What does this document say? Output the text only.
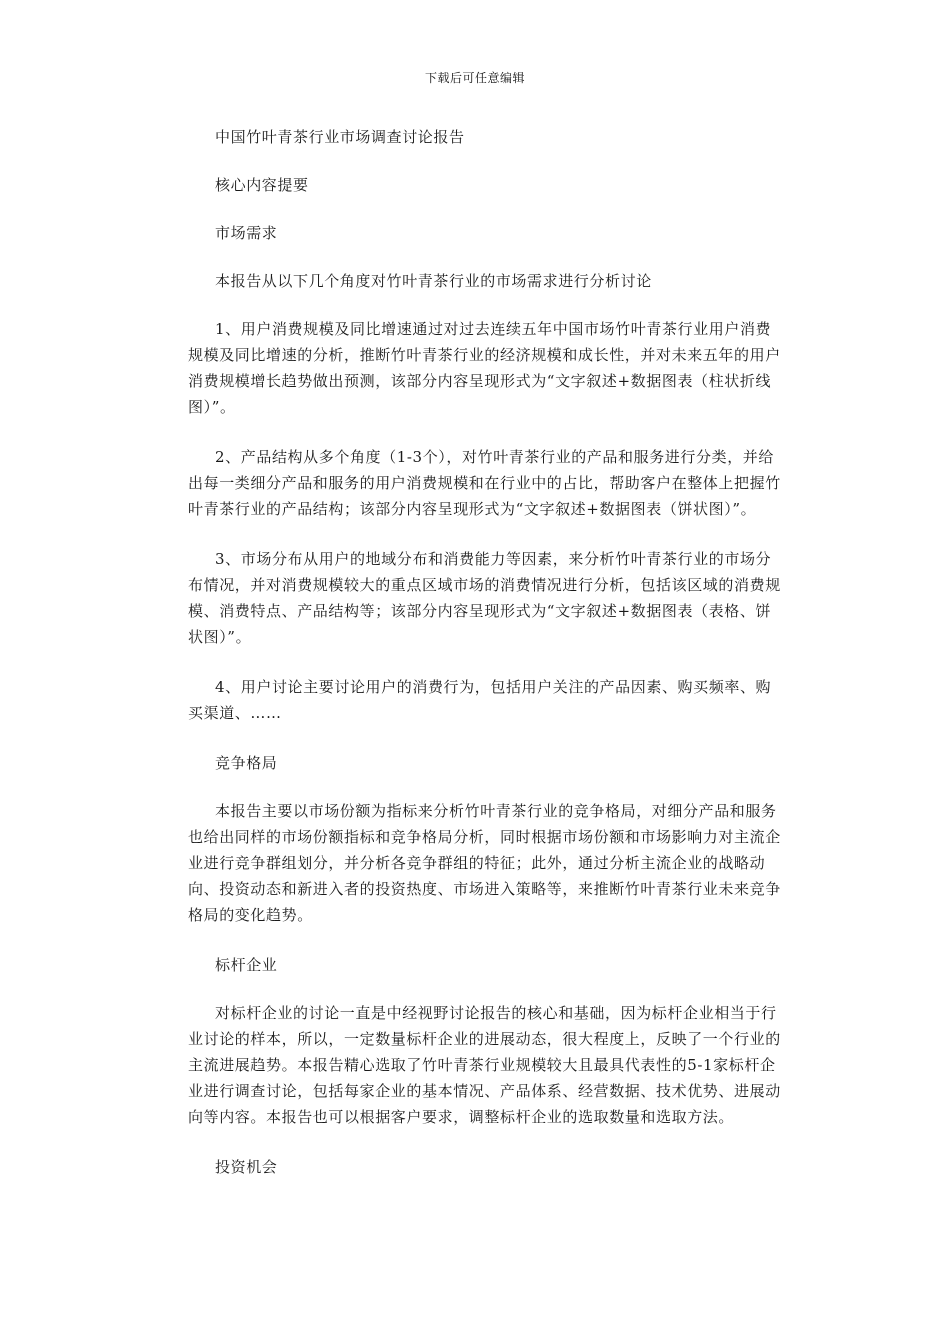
下载后可任意编辑

中国竹叶青茶行业市场调查讨论报告

核心内容提要

市场需求

本报告从以下几个角度对竹叶青茶行业的市场需求进行分析讨论

1、用户消费规模及同比增速通过对过去连续五年中国市场竹叶青茶行业用户消费规模及同比增速的分析，推断竹叶青茶行业的经济规模和成长性，并对未来五年的用户消费规模增长趋势做出预测，该部分内容呈现形式为“文字叙述+数据图表（柱状折线图）”。

2、产品结构从多个角度（1-3个），对竹叶青茶行业的产品和服务进行分类，并给出每一类细分产品和服务的用户消费规模和在行业中的占比，帮助客户在整体上把握竹叶青茶行业的产品结构；该部分内容呈现形式为“文字叙述+数据图表（饼状图）”。

3、市场分布从用户的地域分布和消费能力等因素，来分析竹叶青茶行业的市场分布情况，并对消费规模较大的重点区域市场的消费情况进行分析，包括该区域的消费规模、消费特点、产品结构等；该部分内容呈现形式为“文字叙述+数据图表（表格、饼状图）”。

4、用户讨论主要讨论用户的消费行为，包括用户关注的产品因素、购买频率、购买渠道、……

竞争格局

本报告主要以市场份额为指标来分析竹叶青茶行业的竞争格局，对细分产品和服务也给出同样的市场份额指标和竞争格局分析，同时根据市场份额和市场影响力对主流企业进行竞争群组划分，并分析各竞争群组的特征；此外，通过分析主流企业的战略动向、投资动态和新进入者的投资热度、市场进入策略等，来推断竹叶青茶行业未来竞争格局的变化趋势。

标杆企业

对标杆企业的讨论一直是中经视野讨论报告的核心和基础，因为标杆企业相当于行业讨论的样本，所以，一定数量标杆企业的进展动态，很大程度上，反映了一个行业的主流进展趋势。本报告精心选取了竹叶青茶行业规模较大且最具代表性的5-1家标杆企业进行调查讨论，包括每家企业的基本情况、产品体系、经营数据、技术优势、进展动向等内容。本报告也可以根据客户要求，调整标杆企业的选取数量和选取方法。

投资机会
